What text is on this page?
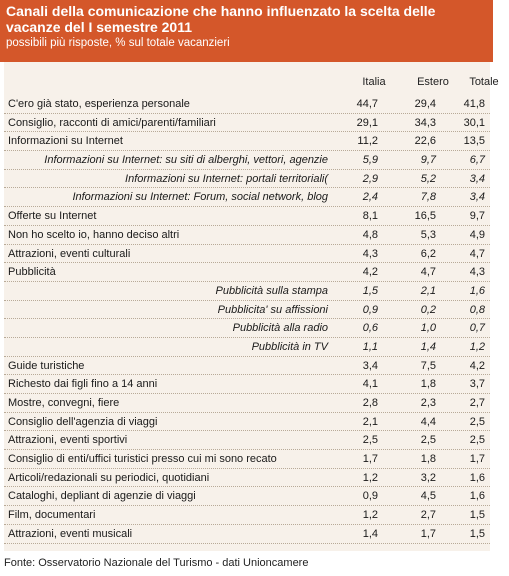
Canali della comunicazione che hanno influenzato la scelta delle
vacanze del I semestre 2011
possibili più risposte, % sul totale vacanzieri
Italia	Estero	Totale
C'ero già stato, esperienza personale	44,7	29,4	41,8
Consiglio, racconti di amici/parenti/familiari	29,1	34,3	30,1
Informazioni su Internet	11,2	22,6	13,5
Informazioni su Internet: su siti di alberghi, vettori, agenzie	5,9	9,7	6,7
Informazioni su Internet: portali territoriali(	2,9	5,2	3,4
Informazioni su Internet: Forum, social network, blog	2,4	7,8	3,4
Offerte su Internet	8,1	16,5	9,7
Non ho scelto io, hanno deciso altri	4,8	5,3	4,9
Attrazioni, eventi culturali	4,3	6,2	4,7
Pubblicità	4,2	4,7	4,3
Pubblicità sulla stampa	1,5	2,1	1,6
Pubblicita' su affissioni	0,9	0,2	0,8
Pubblicità alla radio	0,6	1,0	0,7
Pubblicità in TV	1,1	1,4	1,2
Guide turistiche	3,4	7,5	4,2
Richesto dai figli fino a 14 anni	4,1	1,8	3,7
Mostre, convegni, fiere	2,8	2,3	2,7
Consiglio dell'agenzia di viaggi	2,1	4,4	2,5
Attrazioni, eventi sportivi	2,5	2,5	2,5
Consiglio di enti/uffici turistici presso cui mi sono recato	1,7	1,8	1,7
Articoli/redazionali su periodici, quotidiani	1,2	3,2	1,6
Cataloghi, depliant di agenzie di viaggi	0,9	4,5	1,6
Film, documentari	1,2	2,7	1,5
Attrazioni, eventi musicali	1,4	1,7	1,5
Fonte: Osservatorio Nazionale del Turismo - dati Unioncamere
